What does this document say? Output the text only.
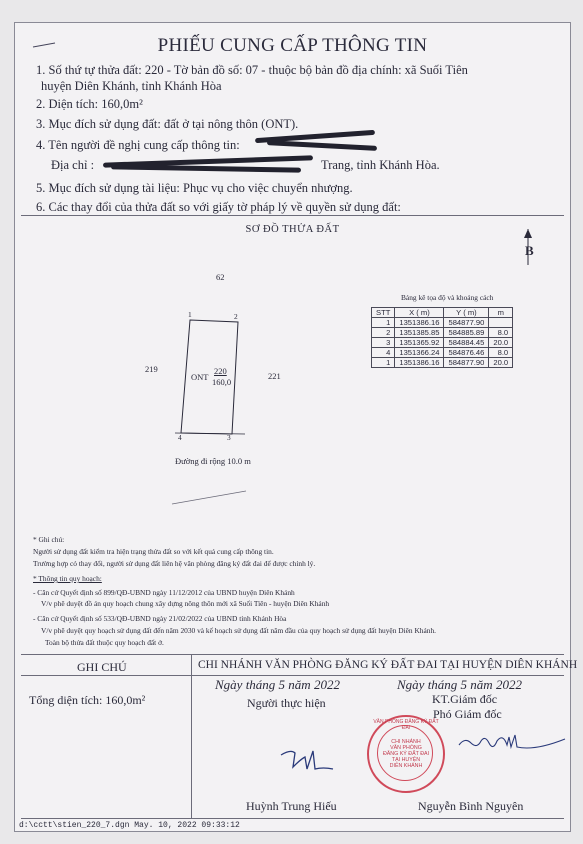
PHIẾU CUNG CẤP THÔNG TIN
1. Số thứ tự thửa đất: 220 - Tờ bản đồ số: 07 - thuộc bộ bản đồ địa chính: xã Suối Tiên
huyện Diên Khánh, tỉnh Khánh Hòa
2. Diện tích: 160,0m²
3. Mục đích sử dụng đất: đất ở tại nông thôn (ONT).
4. Tên người đề nghị cung cấp thông tin:
Địa chỉ :	Trang, tỉnh Khánh Hòa.
5. Mục đích sử dụng tài liệu: Phục vụ cho việc chuyển nhượng.
6. Các thay đổi của thửa đất so với giấy tờ pháp lý về quyền sử dụng đất:
SƠ ĐỒ THỬA ĐẤT
B
62
219
221
1	2
3
4
ONT
220
160,0
Đường đi rộng 10.0 m
Bảng kê tọa độ và khoảng cách
STT	X ( m)	Y ( m)	m
1	1351386.16	584877.90	
2	1351385.85	584885.89	8.0
3	1351365.92	584884.45	20.0
4	1351366.24	584876.46	8.0
1	1351386.16	584877.90	20.0
* Ghi chú:
Người sử dụng đất kiểm tra hiện trạng thửa đất so với kết quả cung cấp thông tin.
Trường hợp có thay đổi, người sử dụng đất liên hệ văn phòng đăng ký đất đai để được chỉnh lý.
* Thông tin quy hoạch:
- Căn cứ Quyết định số 899/QĐ-UBND ngày 11/12/2012 của UBND huyện Diên Khánh
V/v phê duyệt đồ án quy hoạch chung xây dựng nông thôn mới xã Suối Tiên - huyện Diên Khánh
- Căn cứ Quyết định số 533/QĐ-UBND ngày 21/02/2022 của UBND tỉnh Khánh Hòa
V/v phê duyệt quy hoạch sử dụng đất đến năm 2030 và kế hoạch sử dụng đất năm đầu của quy hoạch sử dụng đất huyện Diên Khánh.
Toàn bộ thửa đất thuộc quy hoạch đất ở.
GHI CHÚ	CHI NHÁNH VĂN PHÒNG ĐĂNG KÝ ĐẤT ĐAI TẠI HUYỆN DIÊN KHÁNH
Tổng diện tích: 160,0m²
Ngày tháng 5 năm 2022	Ngày tháng 5 năm 2022
Người thực hiện	KT.Giám đốc
Phó Giám đốc
VĂN PHÒNG ĐĂNG KÝ ĐẤT ĐAI
CHI NHÁNH
VĂN PHÒNG
ĐĂNG KÝ ĐẤT ĐAI
TẠI HUYỆN
DIÊN KHÁNH
Huỳnh Trung Hiếu	Nguyễn Bình Nguyên
d:\cctt\stien_220_7.dgn May. 10, 2022 09:33:12
